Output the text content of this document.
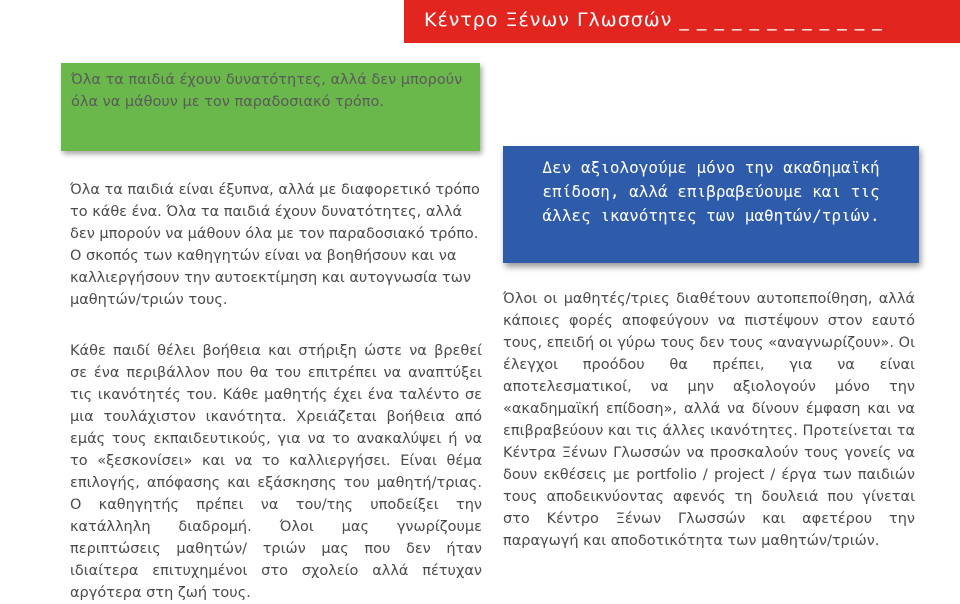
Κέντρο Ξένων Γλωσσών _ _ _ _ _ _ _ _ _ _ _ _
Όλα τα παιδιά έχουν δυνατότητες, αλλά δεν μπορούν όλα να μάθουν με τον παραδοσιακό τρόπο.
Όλα τα παιδιά είναι έξυπνα, αλλά με διαφορετικό τρόπο το κάθε ένα. Όλα τα παιδιά έχουν δυνατότητες, αλλά δεν μπορούν να μάθουν όλα με τον παραδοσιακό τρόπο. Ο σκοπός των καθηγητών είναι να βοηθήσουν και να καλλιεργήσουν την αυτοεκτίμηση και αυτογνωσία των μαθητών/τριών τους.
Κάθε παιδί θέλει βοήθεια και στήριξη ώστε να βρεθεί σε ένα περιβάλλον που θα του επιτρέπει να αναπτύξει τις ικανότητές του. Κάθε μαθητής έχει ένα ταλέντο σε μια τουλάχιστον ικανότητα. Χρειάζεται βοήθεια από εμάς τους εκπαιδευτικούς, για να το ανακαλύψει ή να το «ξεσκονίσει» και να το καλλιεργήσει. Είναι θέμα επιλογής, απόφασης και εξάσκησης του μαθητή/τριας. Ο καθηγητής πρέπει να του/της υποδείξει την κατάλληλη διαδρομή. Όλοι μας γνωρίζουμε περιπτώσεις μαθητών/ τριών μας που δεν ήταν ιδιαίτερα επιτυχημένοι στο σχολείο αλλά πέτυχαν αργότερα στη ζωή τους.
Δεν αξιολογούμε μόνο την ακαδημαϊκή επίδοση, αλλά επιβραβεύουμε και τις άλλες ικανότητες των μαθητών/τριών.
Όλοι οι μαθητές/τριες διαθέτουν αυτοπεποίθηση, αλλά κάποιες φορές αποφεύγουν να πιστέψουν στον εαυτό τους, επειδή οι γύρω τους δεν τους «αναγνωρίζουν». Οι έλεγχοι προόδου θα πρέπει, για να είναι αποτελεσματικοί, να μην αξιολογούν μόνο την «ακαδημαϊκή επίδοση», αλλά να δίνουν έμφαση και να επιβραβεύουν και τις άλλες ικανότητες. Προτείνεται τα Κέντρα Ξένων Γλωσσών να προσκαλούν τους γονείς να δουν εκθέσεις με portfolio / project / έργα των παιδιών τους αποδεικνύοντας αφενός τη δουλειά που γίνεται στο Κέντρο Ξένων Γλωσσών και αφετέρου την παραγωγή και αποδοτικότητα των μαθητών/τριών.
